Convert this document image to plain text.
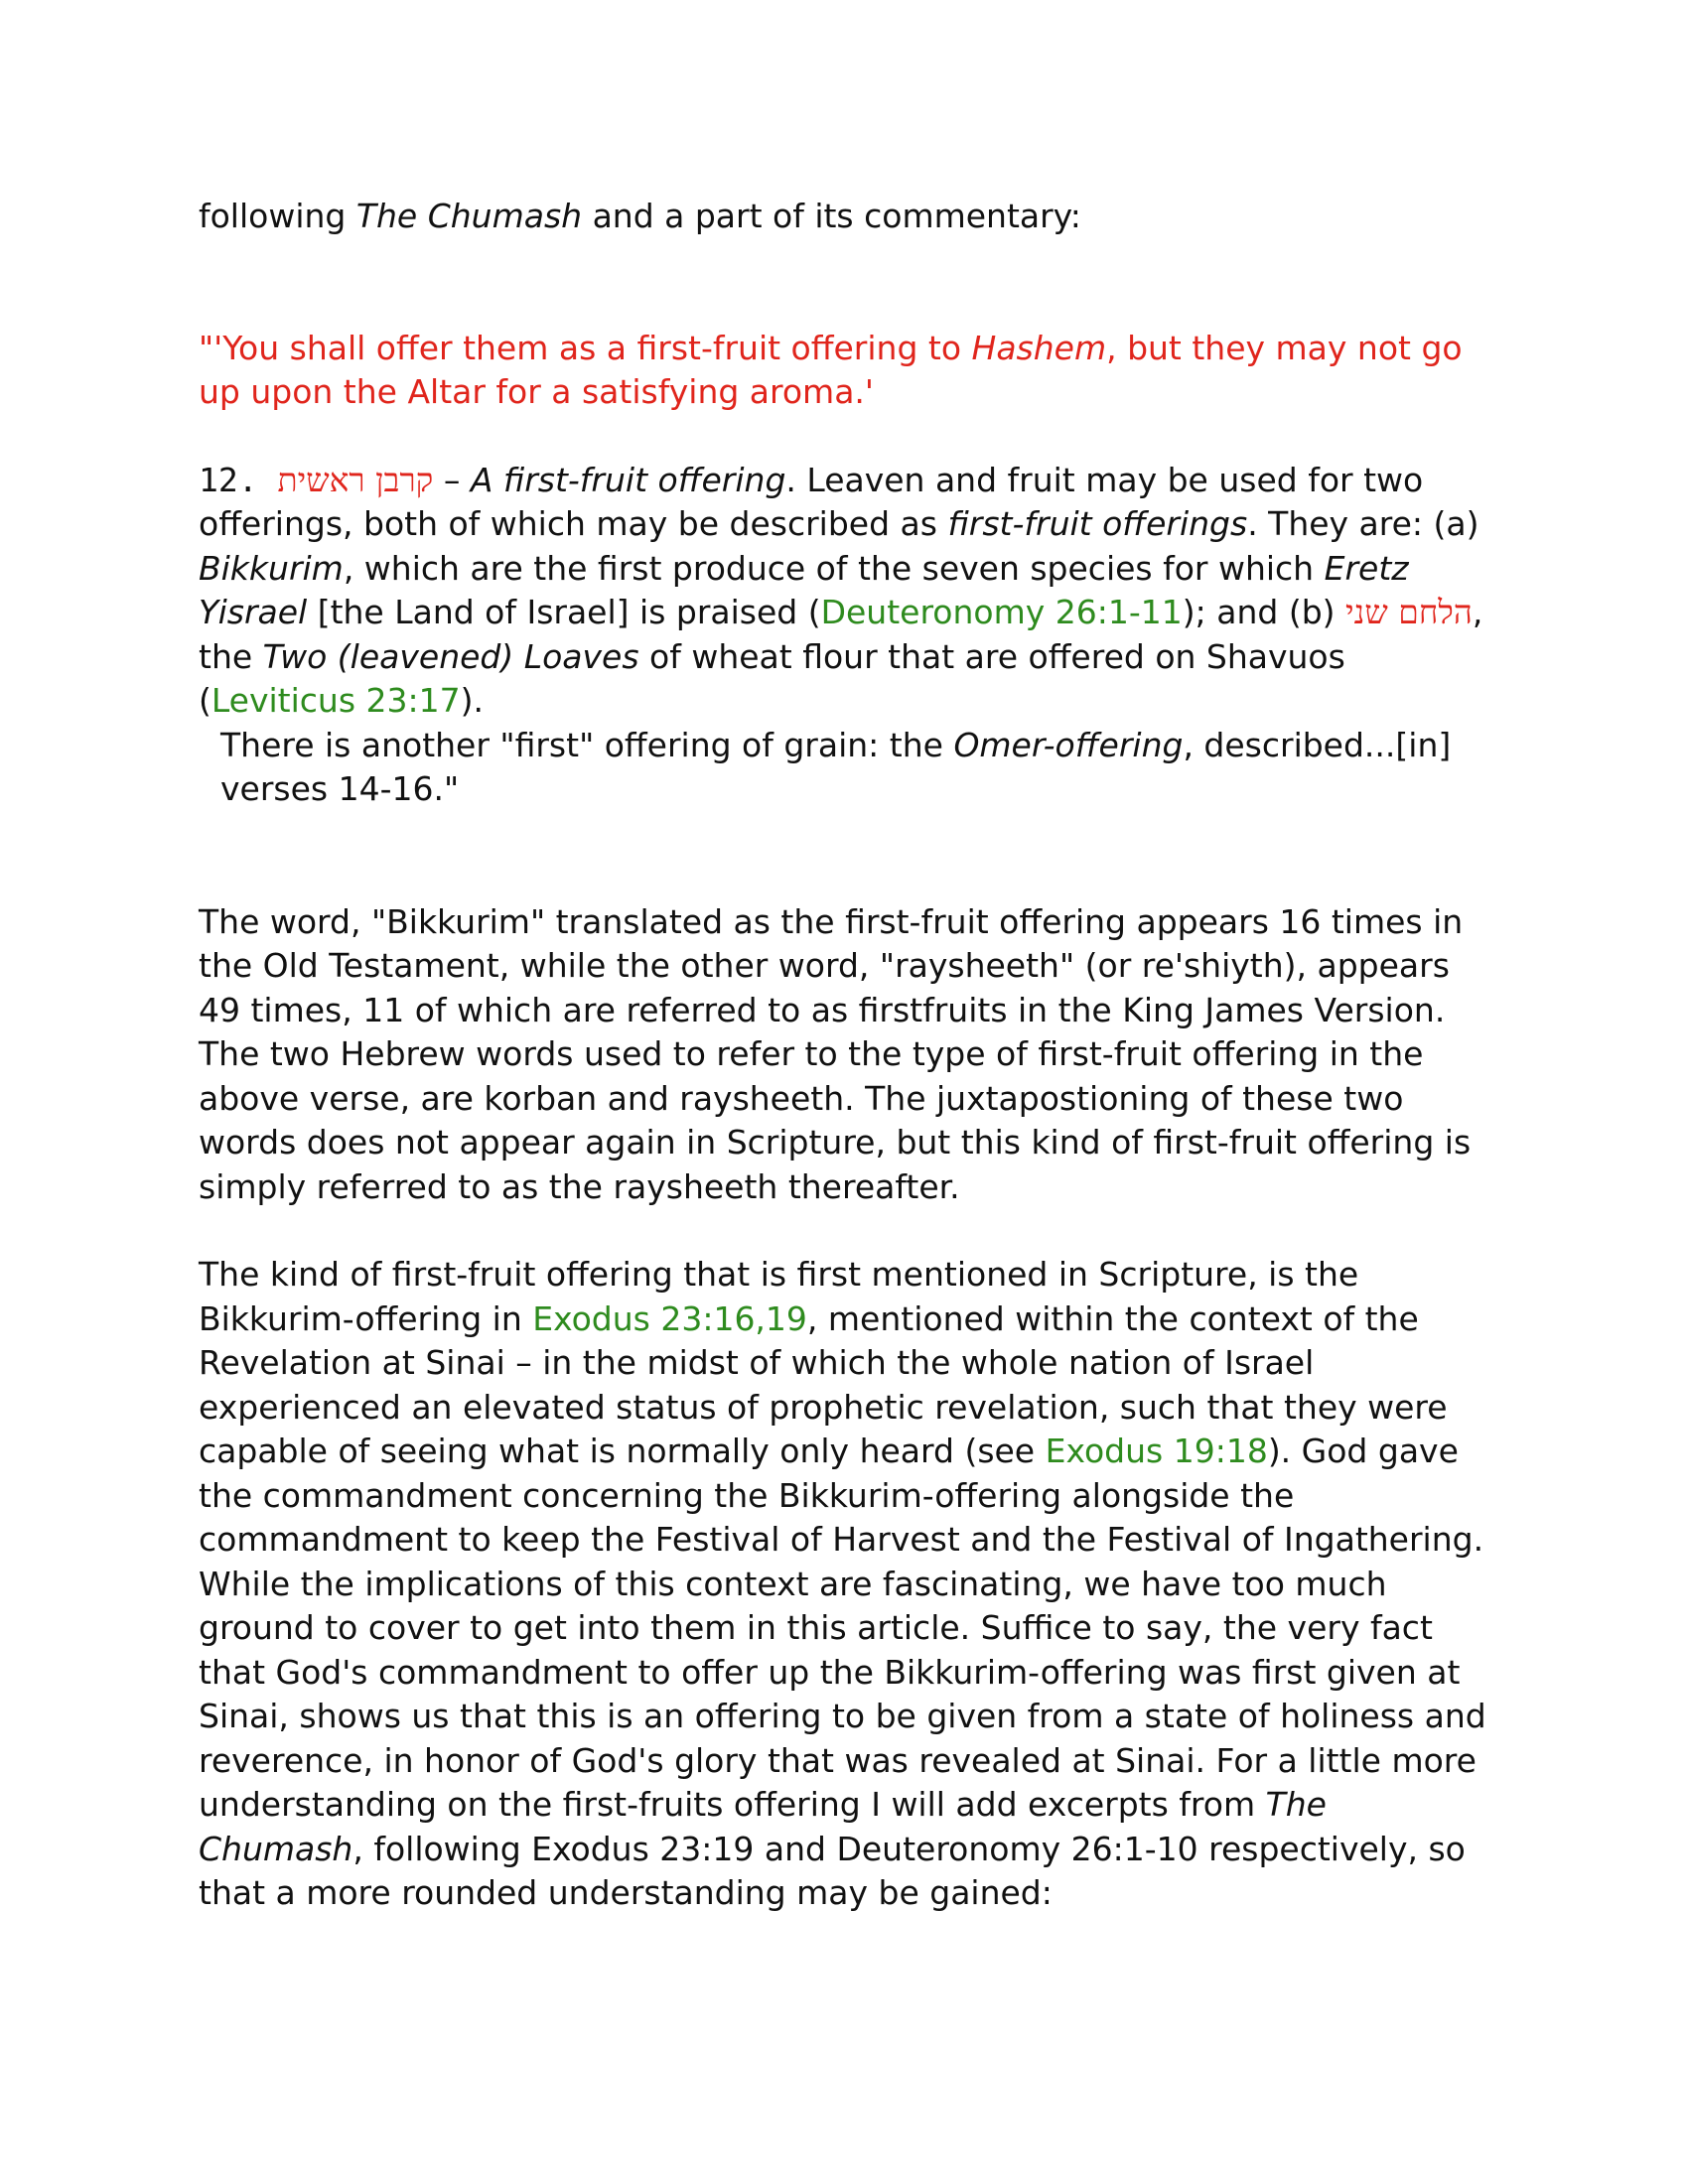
following The Chumash and a part of its commentary:

"'You shall offer them as a first-fruit offering to Hashem, but they may not go up upon the Altar for a satisfying aroma.'

12. קרבן ראשית – A first-fruit offering. Leaven and fruit may be used for two offerings, both of which may be described as first-fruit offerings. They are: (a) Bikkurim, which are the first produce of the seven species for which Eretz Yisrael [the Land of Israel] is praised (Deuteronomy 26:1-11); and (b) הלחם שני, the Two (leavened) Loaves of wheat flour that are offered on Shavuos (Leviticus 23:17).

There is another "first" offering of grain: the Omer-offering, described...[in] verses 14-16."

The word, "Bikkurim" translated as the first-fruit offering appears 16 times in the Old Testament, while the other word, "raysheeth" (or re'shiyth), appears 49 times, 11 of which are referred to as firstfruits in the King James Version. The two Hebrew words used to refer to the type of first-fruit offering in the above verse, are korban and raysheeth. The juxtapostioning of these two words does not appear again in Scripture, but this kind of first-fruit offering is simply referred to as the raysheeth thereafter.

The kind of first-fruit offering that is first mentioned in Scripture, is the Bikkurim-offering in Exodus 23:16,19, mentioned within the context of the Revelation at Sinai – in the midst of which the whole nation of Israel experienced an elevated status of prophetic revelation, such that they were capable of seeing what is normally only heard (see Exodus 19:18). God gave the commandment concerning the Bikkurim-offering alongside the commandment to keep the Festival of Harvest and the Festival of Ingathering. While the implications of this context are fascinating, we have too much ground to cover to get into them in this article. Suffice to say, the very fact that God's commandment to offer up the Bikkurim-offering was first given at Sinai, shows us that this is an offering to be given from a state of holiness and reverence, in honor of God's glory that was revealed at Sinai. For a little more understanding on the first-fruits offering I will add excerpts from The Chumash, following Exodus 23:19 and Deuteronomy 26:1-10 respectively, so that a more rounded understanding may be gained:
